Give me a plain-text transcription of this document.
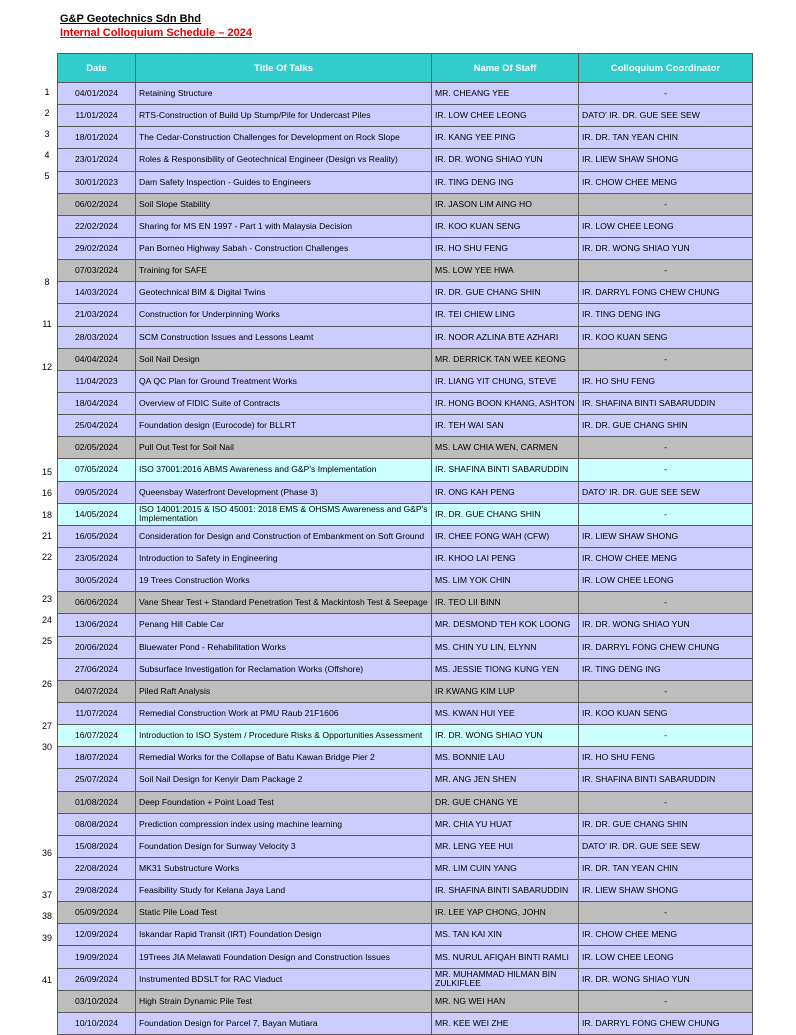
G&P Geotechnics Sdn Bhd
Internal Colloquium Schedule – 2024
1
2
3
4
5
8
11
12
15
16
18
21
22
23
24
25
26
27
30
36
37
38
39
41
Date	Title Of Talks	Name Of Staff	Colloquium Coordinator
04/01/2024	Retaining Structure	MR. CHEANG YEE	-
11/01/2024	RTS-Construction of Build Up Stump/Pile for Undercast Piles	IR. LOW CHEE LEONG	DATO' IR. DR. GUE SEE SEW
18/01/2024	The Cedar-Construction Challenges for Development on Rock Slope	IR. KANG YEE PING	IR. DR. TAN YEAN CHIN
23/01/2024	Roles & Responsibility of Geotechnical Engineer (Design vs Reality)	IR. DR. WONG SHIAO YUN	IR. LIEW SHAW SHONG
30/01/2023	Dam Safety Inspection - Guides to Engineers	IR. TING DENG ING	IR. CHOW CHEE MENG
06/02/2024	Soil Slope Stability	IR. JASON LIM AING HO	-
22/02/2024	Sharing for MS EN 1997 - Part 1 with Malaysia Decision	IR. KOO KUAN SENG	IR. LOW CHEE LEONG
29/02/2024	Pan Borneo Highway Sabah - Construction Challenges	IR. HO SHU FENG	IR. DR. WONG SHIAO YUN
07/03/2024	Training for SAFE	MS. LOW YEE HWA	-
14/03/2024	Geotechnical BIM & Digital Twins	IR. DR. GUE CHANG SHIN	IR. DARRYL FONG CHEW CHUNG
21/03/2024	Construction for Underpinning Works	IR. TEI CHIEW LING	IR. TING DENG ING
28/03/2024	SCM Construction Issues and Lessons Leamt	IR. NOOR AZLINA BTE AZHARI	IR. KOO KUAN SENG
04/04/2024	Soil Nail Design	MR. DERRICK TAN WEE KEONG	-
11/04/2023	QA QC Plan for Ground Treatment Works	IR. LIANG YIT CHUNG, STEVE	IR. HO SHU FENG
18/04/2024	Overview of FIDIC Suite of Contracts	IR. HONG BOON KHANG, ASHTON	IR. SHAFINA BINTI SABARUDDIN
25/04/2024	Foundation design (Eurocode) for BLLRT	IR. TEH WAI SAN	IR. DR. GUE CHANG SHIN
02/05/2024	Pull Out Test for Soil Nail	MS. LAW CHIA WEN, CARMEN	-
07/05/2024	ISO 37001:2016 ABMS Awareness and G&P's Implementation	IR. SHAFINA BINTI SABARUDDIN	-
09/05/2024	Queensbay Waterfront Development (Phase 3)	IR. ONG KAH PENG	DATO' IR. DR. GUE SEE SEW
14/05/2024	ISO 14001:2015 & ISO 45001: 2018 EMS & OHSMS Awareness and G&P's Implementation	IR. DR. GUE CHANG SHIN	-
16/05/2024	Consideration for Design and Construction of Embankment on Soft Ground	IR. CHEE FONG WAH (CFW)	IR. LIEW SHAW SHONG
23/05/2024	Introduction to Safety in Engineering	IR. KHOO LAI PENG	IR. CHOW CHEE MENG
30/05/2024	19 Trees Construction Works	MS. LIM YOK CHIN	IR. LOW CHEE LEONG
06/06/2024	Vane Shear Test + Standard Penetration Test & Mackintosh Test & Seepage	IR. TEO LII BINN	-
13/06/2024	Penang Hill Cable Car	MR. DESMOND TEH KOK LOONG	IR. DR. WONG SHIAO YUN
20/06/2024	Bluewater Pond - Rehabilitation Works	MS. CHIN YU LIN, ELYNN	IR. DARRYL FONG CHEW CHUNG
27/06/2024	Subsurface Investigation for Reclamation Works (Offshore)	MS. JESSIE TIONG KUNG YEN	IR. TING DENG ING
04/07/2024	Piled Raft Analysis	IR KWANG KIM LUP	-
11/07/2024	Remedial Construction Work at PMU Raub 21F1606	MS. KWAN HUI YEE	IR. KOO KUAN SENG
16/07/2024	Introduction to ISO System / Procedure Risks & Opportunities Assessment	IR. DR. WONG SHIAO YUN	-
18/07/2024	Remedial Works for the Collapse of Batu Kawan Bridge Pier 2	MS. BONNIE LAU	IR. HO SHU FENG
25/07/2024	Soil Nail Design for Kenyir Dam Package 2	MR. ANG JEN SHEN	IR. SHAFINA BINTI SABARUDDIN
01/08/2024	Deep Foundation + Point Load Test	DR. GUE CHANG YE	-
08/08/2024	Prediction compression index using machine learning	MR. CHIA YU HUAT	IR. DR. GUE CHANG SHIN
15/08/2024	Foundation Design for Sunway Velocity 3	MR. LENG YEE HUI	DATO' IR. DR. GUE SEE SEW
22/08/2024	MK31 Substructure Works	MR. LIM CUIN YANG	IR. DR. TAN YEAN CHIN
29/08/2024	Feasibility Study for Kelana Jaya Land	IR. SHAFINA BINTI SABARUDDIN	IR. LIEW SHAW SHONG
05/09/2024	Static Pile Load Test	IR. LEE YAP CHONG, JOHN	-
12/09/2024	Iskandar Rapid Transit (IRT) Foundation Design	MS. TAN KAI XIN	IR. CHOW CHEE MENG
19/09/2024	19Trees JIA Melawati Foundation Design and Construction Issues	MS. NURUL AFIQAH BINTI RAMLI	IR. LOW CHEE LEONG
26/09/2024	Instrumented BDSLT for RAC Viaduct	MR. MUHAMMAD HILMAN BIN ZULKIFLEE	IR. DR. WONG SHIAO YUN
03/10/2024	High Strain Dynamic Pile Test	MR. NG WEI HAN	-
10/10/2024	Foundation Design for Parcel 7, Bayan Mutiara	MR. KEE WEI ZHE	IR. DARRYL FONG CHEW CHUNG
